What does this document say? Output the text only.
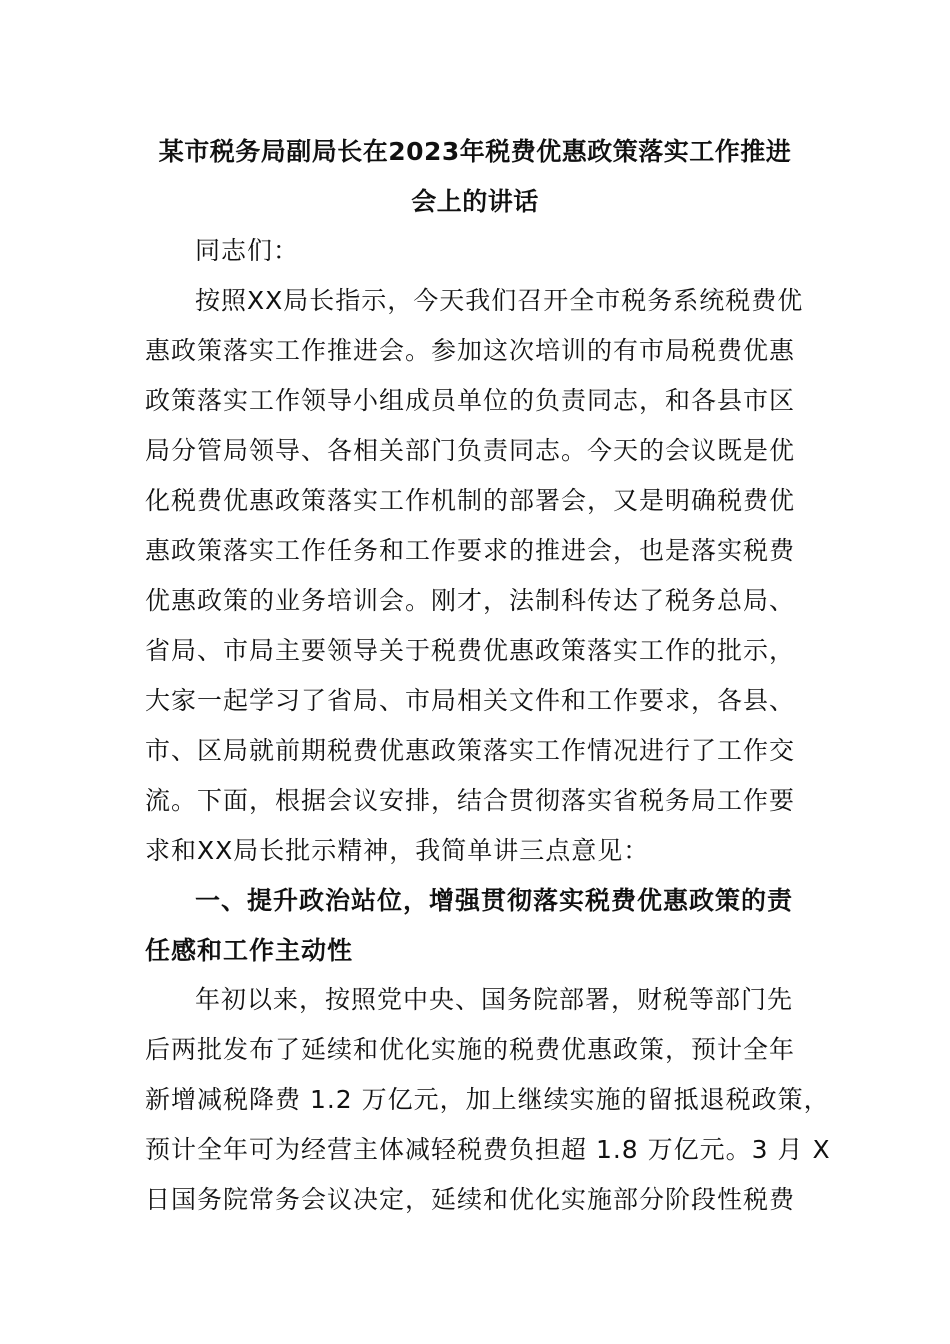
某市税务局副局长在2023年税费优惠政策落实工作推进
会上的讲话
同志们：
按照XX局长指示，今天我们召开全市税务系统税费优
惠政策落实工作推进会。参加这次培训的有市局税费优惠
政策落实工作领导小组成员单位的负责同志，和各县市区
局分管局领导、各相关部门负责同志。今天的会议既是优
化税费优惠政策落实工作机制的部署会，又是明确税费优
惠政策落实工作任务和工作要求的推进会，也是落实税费
优惠政策的业务培训会。刚才，法制科传达了税务总局、
省局、市局主要领导关于税费优惠政策落实工作的批示，
大家一起学习了省局、市局相关文件和工作要求，各县、
市、区局就前期税费优惠政策落实工作情况进行了工作交
流。下面，根据会议安排，结合贯彻落实省税务局工作要
求和XX局长批示精神，我简单讲三点意见：
一、提升政治站位，增强贯彻落实税费优惠政策的责
任感和工作主动性
年初以来，按照党中央、国务院部署，财税等部门先
后两批发布了延续和优化实施的税费优惠政策，预计全年
新增减税降费 1.2 万亿元，加上继续实施的留抵退税政策，
预计全年可为经营主体减轻税费负担超 1.8 万亿元。3 月 X
日国务院常务会议决定，延续和优化实施部分阶段性税费
